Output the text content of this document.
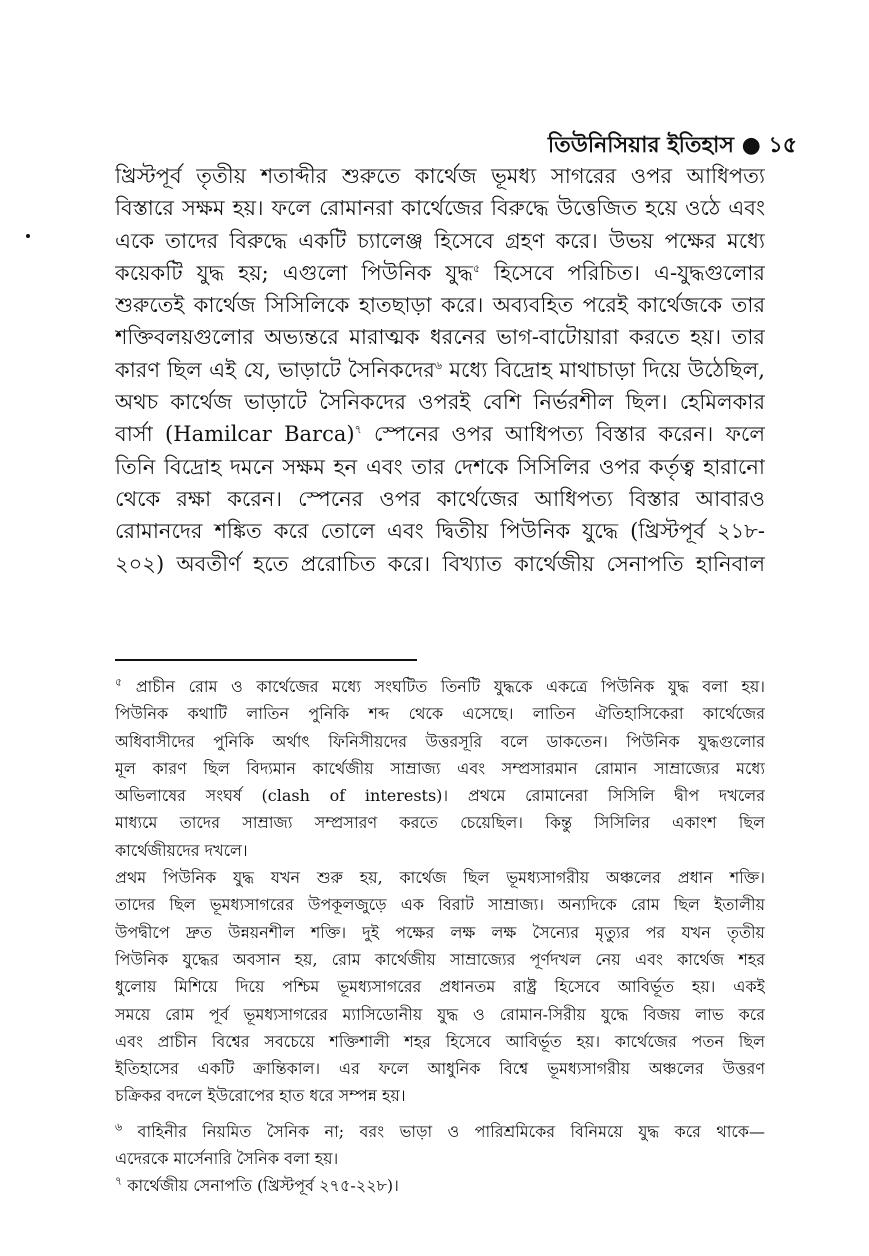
তিউনিসিয়ার ইতিহাস ● ১৫
খ্রিস্টপূর্ব তৃতীয় শতাব্দীর শুরুতে কার্থেজ ভূমধ্য সাগরের ওপর আধিপত্য
বিস্তারে সক্ষম হয়। ফলে রোমানরা কার্থেজের বিরুদ্ধে উত্তেজিত হয়ে ওঠে এবং
একে তাদের বিরুদ্ধে একটি চ্যালেঞ্জ হিসেবে গ্রহণ করে। উভয় পক্ষের মধ্যে
কয়েকটি যুদ্ধ হয়; এগুলো পিউনিক যুদ্ধ$^৫$ হিসেবে পরিচিত। এ-যুদ্ধগুলোর
শুরুতেই কার্থেজ সিসিলিকে হাতছাড়া করে। অব্যবহিত পরেই কার্থেজকে তার
শক্তিবলয়গুলোর অভ্যন্তরে মারাত্মক ধরনের ভাগ-বাটোয়ারা করতে হয়। তার
কারণ ছিল এই যে, ভাড়াটে সৈনিকদের$^৬$ মধ্যে বিদ্রোহ মাথাচাড়া দিয়ে উঠেছিল,
অথচ কার্থেজ ভাড়াটে সৈনিকদের ওপরই বেশি নির্ভরশীল ছিল। হেমিলকার
বার্সা (Hamilcar Barca)$^৭$ স্পেনের ওপর আধিপত্য বিস্তার করেন। ফলে
তিনি বিদ্রোহ দমনে সক্ষম হন এবং তার দেশকে সিসিলির ওপর কর্তৃত্ব হারানো
থেকে রক্ষা করেন। স্পেনের ওপর কার্থেজের আধিপত্য বিস্তার আবারও
রোমানদের শঙ্কিত করে তোলে এবং দ্বিতীয় পিউনিক যুদ্ধে (খ্রিস্টপূর্ব ২১৮-
২০২) অবতীর্ণ হতে প্ররোচিত করে। বিখ্যাত কার্থেজীয় সেনাপতি হানিবাল
$^৫$ প্রাচীন রোম ও কার্থেজের মধ্যে সংঘটিত তিনটি যুদ্ধকে একত্রে পিউনিক যুদ্ধ বলা হয়।
পিউনিক কথাটি লাতিন পুনিকি শব্দ থেকে এসেছে। লাতিন ঐতিহাসিকেরা কার্থেজের
অধিবাসীদের পুনিকি অর্থাৎ ফিনিসীয়দের উত্তরসূরি বলে ডাকতেন। পিউনিক যুদ্ধগুলোর
মূল কারণ ছিল বিদ্যমান কার্থেজীয় সাম্রাজ্য এবং সম্প্রসারমান রোমান সাম্রাজ্যের মধ্যে
অভিলাষের সংঘর্ষ (clash of interests)। প্রথমে রোমানেরা সিসিলি দ্বীপ দখলের
মাধ্যমে তাদের সাম্রাজ্য সম্প্রসারণ করতে চেয়েছিল। কিন্তু সিসিলির একাংশ ছিল
কার্থেজীয়দের দখলে।
প্রথম পিউনিক যুদ্ধ যখন শুরু হয়, কার্থেজ ছিল ভূমধ্যসাগরীয় অঞ্চলের প্রধান শক্তি।
তাদের ছিল ভূমধ্যসাগরের উপকূলজুড়ে এক বিরাট সাম্রাজ্য। অন্যদিকে রোম ছিল ইতালীয়
উপদ্বীপে দ্রুত উন্নয়নশীল শক্তি। দুই পক্ষের লক্ষ লক্ষ সৈন্যের মৃত্যুর পর যখন তৃতীয়
পিউনিক যুদ্ধের অবসান হয়, রোম কার্থেজীয় সাম্রাজ্যের পূর্ণদখল নেয় এবং কার্থেজ শহর
ধুলোয় মিশিয়ে দিয়ে পশ্চিম ভূমধ্যসাগরের প্রধানতম রাষ্ট্র হিসেবে আবির্ভূত হয়। একই
সময়ে রোম পূর্ব ভূমধ্যসাগরের ম্যাসিডোনীয় যুদ্ধ ও রোমান-সিরীয় যুদ্ধে বিজয় লাভ করে
এবং প্রাচীন বিশ্বের সবচেয়ে শক্তিশালী শহর হিসেবে আবির্ভূত হয়। কার্থেজের পতন ছিল
ইতিহাসের একটি ক্রান্তিকাল। এর ফলে আধুনিক বিশ্বে ভূমধ্যসাগরীয় অঞ্চলের উত্তরণ
চক্রিকর বদলে ইউরোপের হাত ধরে সম্পন্ন হয়।
$^৬$ বাহিনীর নিয়মিত সৈনিক না; বরং ভাড়া ও পারিশ্রমিকের বিনিময়ে যুদ্ধ করে থাকে—
এদেরকে মার্সেনারি সৈনিক বলা হয়।
$^৭$ কার্থেজীয় সেনাপতি (খ্রিস্টপূর্ব ২৭৫-২২৮)।
